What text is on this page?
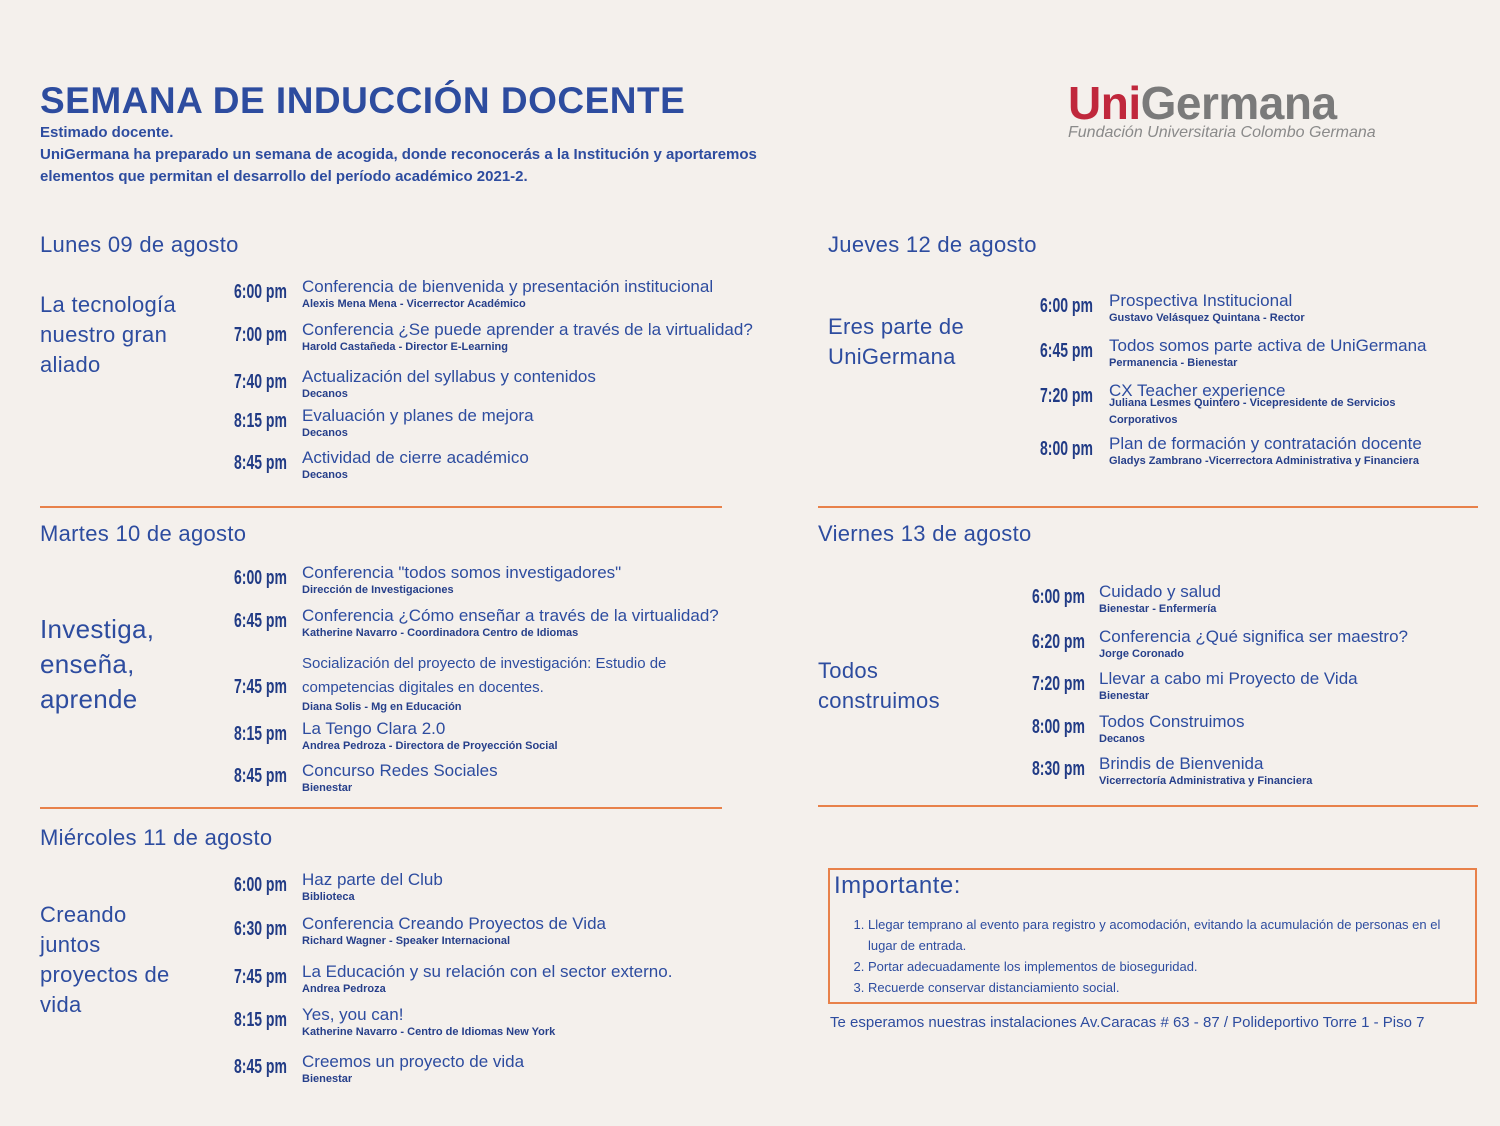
SEMANA DE INDUCCIÓN DOCENTE
Estimado docente.
UniGermana ha preparado un semana de acogida, donde reconocerás a la Institución y aportaremos
elementos que permitan el desarrollo del período académico 2021-2.
UniGermana
Fundación Universitaria Colombo Germana
Lunes 09 de agosto
La tecnología
nuestro gran
aliado
6:00 pm Conferencia de bienvenida y presentación institucional
Alexis Mena Mena - Vicerrector Académico
7:00 pm Conferencia ¿Se puede aprender a través de la virtualidad?
Harold Castañeda - Director E-Learning
7:40 pm Actualización del syllabus y contenidos
Decanos
8:15 pm Evaluación y planes de mejora
Decanos
8:45 pm Actividad de cierre académico
Decanos
Martes 10 de agosto
Investiga,
enseña,
aprende
6:00 pm Conferencia "todos somos investigadores"
Dirección de Investigaciones
6:45 pm Conferencia ¿Cómo enseñar a través de la virtualidad?
Katherine Navarro - Coordinadora Centro de Idiomas
7:45 pm
Socialización del proyecto de investigación: Estudio de
competencias digitales en docentes.
Diana Solis - Mg en Educación
8:15 pm La Tengo Clara 2.0
Andrea Pedroza - Directora de Proyección Social
8:45 pm Concurso Redes Sociales
Bienestar
Miércoles 11 de agosto
Creando
juntos
proyectos de
vida
6:00 pm Haz parte del Club
Biblioteca
6:30 pm Conferencia Creando Proyectos de Vida
Richard Wagner - Speaker Internacional
7:45 pm La Educación y su relación con el sector externo.
Andrea Pedroza
8:15 pm Yes, you can!
Katherine Navarro - Centro de Idiomas New York
8:45 pm Creemos un proyecto de vida
Bienestar
Jueves 12 de agosto
Eres parte de
UniGermana
6:00 pm Prospectiva Institucional
Gustavo Velásquez Quintana - Rector
6:45 pm Todos somos parte activa de UniGermana
Permanencia - Bienestar
7:20 pm CX Teacher experience
Juliana Lesmes Quintero - Vicepresidente de Servicios
Corporativos
8:00 pm Plan de formación y contratación docente
Gladys Zambrano -Vicerrectora Administrativa y Financiera
Viernes 13 de agosto
Todos
construimos
6:00 pm Cuidado y salud
Bienestar - Enfermería
6:20 pm Conferencia ¿Qué significa ser maestro?
Jorge Coronado
7:20 pm Llevar a cabo mi Proyecto de Vida
Bienestar
8:00 pm Todos Construimos
Decanos
8:30 pm Brindis de Bienvenida
Vicerrectoría Administrativa y Financiera
Importante:
1. Llegar temprano al evento para registro y acomodación, evitando la acumulación de personas en el lugar de entrada.
2. Portar adecuadamente los implementos de bioseguridad.
3. Recuerde conservar distanciamiento social.
Te esperamos nuestras instalaciones Av.Caracas # 63 - 87 / Polideportivo Torre 1 - Piso 7
